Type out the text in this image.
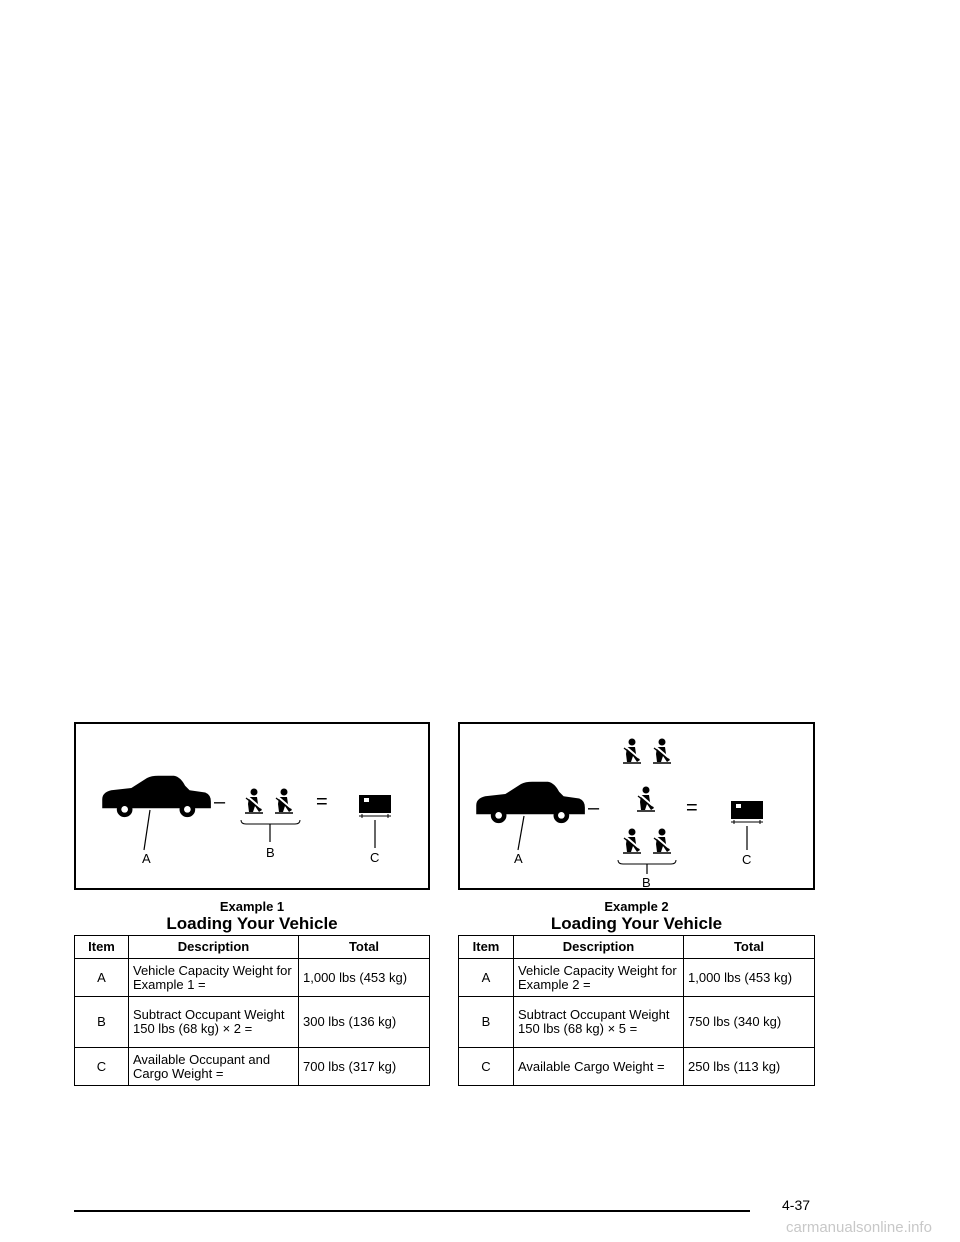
A
–
B
=
C
Example 1
Loading Your Vehicle
Item	Description	Total
A	Vehicle Capacity Weight for Example 1 =	1,000 lbs (453 kg)
B	Subtract Occupant Weight 150 lbs (68 kg) × 2 =	300 lbs (136 kg)
C	Available Occupant and Cargo Weight =	700 lbs (317 kg)
A
–
B
=
C
Example 2
Loading Your Vehicle
Item	Description	Total
A	Vehicle Capacity Weight for Example 2 =	1,000 lbs (453 kg)
B	Subtract Occupant Weight 150 lbs (68 kg) × 5 =	750 lbs (340 kg)
C	Available Cargo Weight =	250 lbs (113 kg)
4-37
carmanualsonline.info
